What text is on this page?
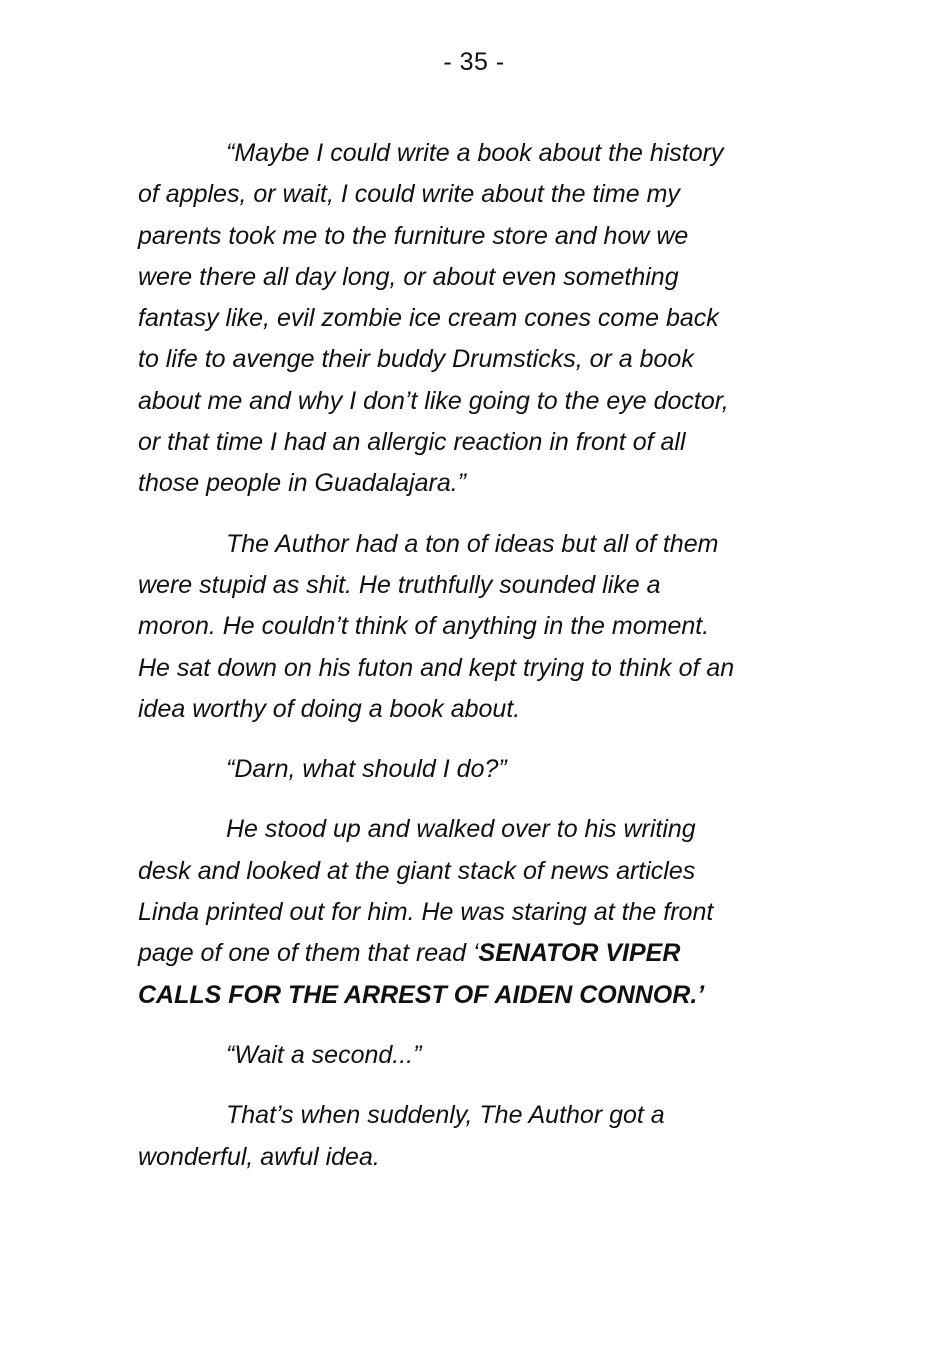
- 35 -

“Maybe I could write a book about the history
of apples, or wait, I could write about the time my
parents took me to the furniture store and how we
were there all day long, or about even something
fantasy like, evil zombie ice cream cones come back
to life to avenge their buddy Drumsticks, or a book
about me and why I don’t like going to the eye doctor,
or that time I had an allergic reaction in front of all
those people in Guadalajara.”

The Author had a ton of ideas but all of them
were stupid as shit. He truthfully sounded like a
moron. He couldn’t think of anything in the moment.
He sat down on his futon and kept trying to think of an
idea worthy of doing a book about.

“Darn, what should I do?”

He stood up and walked over to his writing
desk and looked at the giant stack of news articles
Linda printed out for him. He was staring at the front
page of one of them that read ‘SENATOR VIPER
CALLS FOR THE ARREST OF AIDEN CONNOR.’

“Wait a second...”

That’s when suddenly, The Author got a
wonderful, awful idea.
